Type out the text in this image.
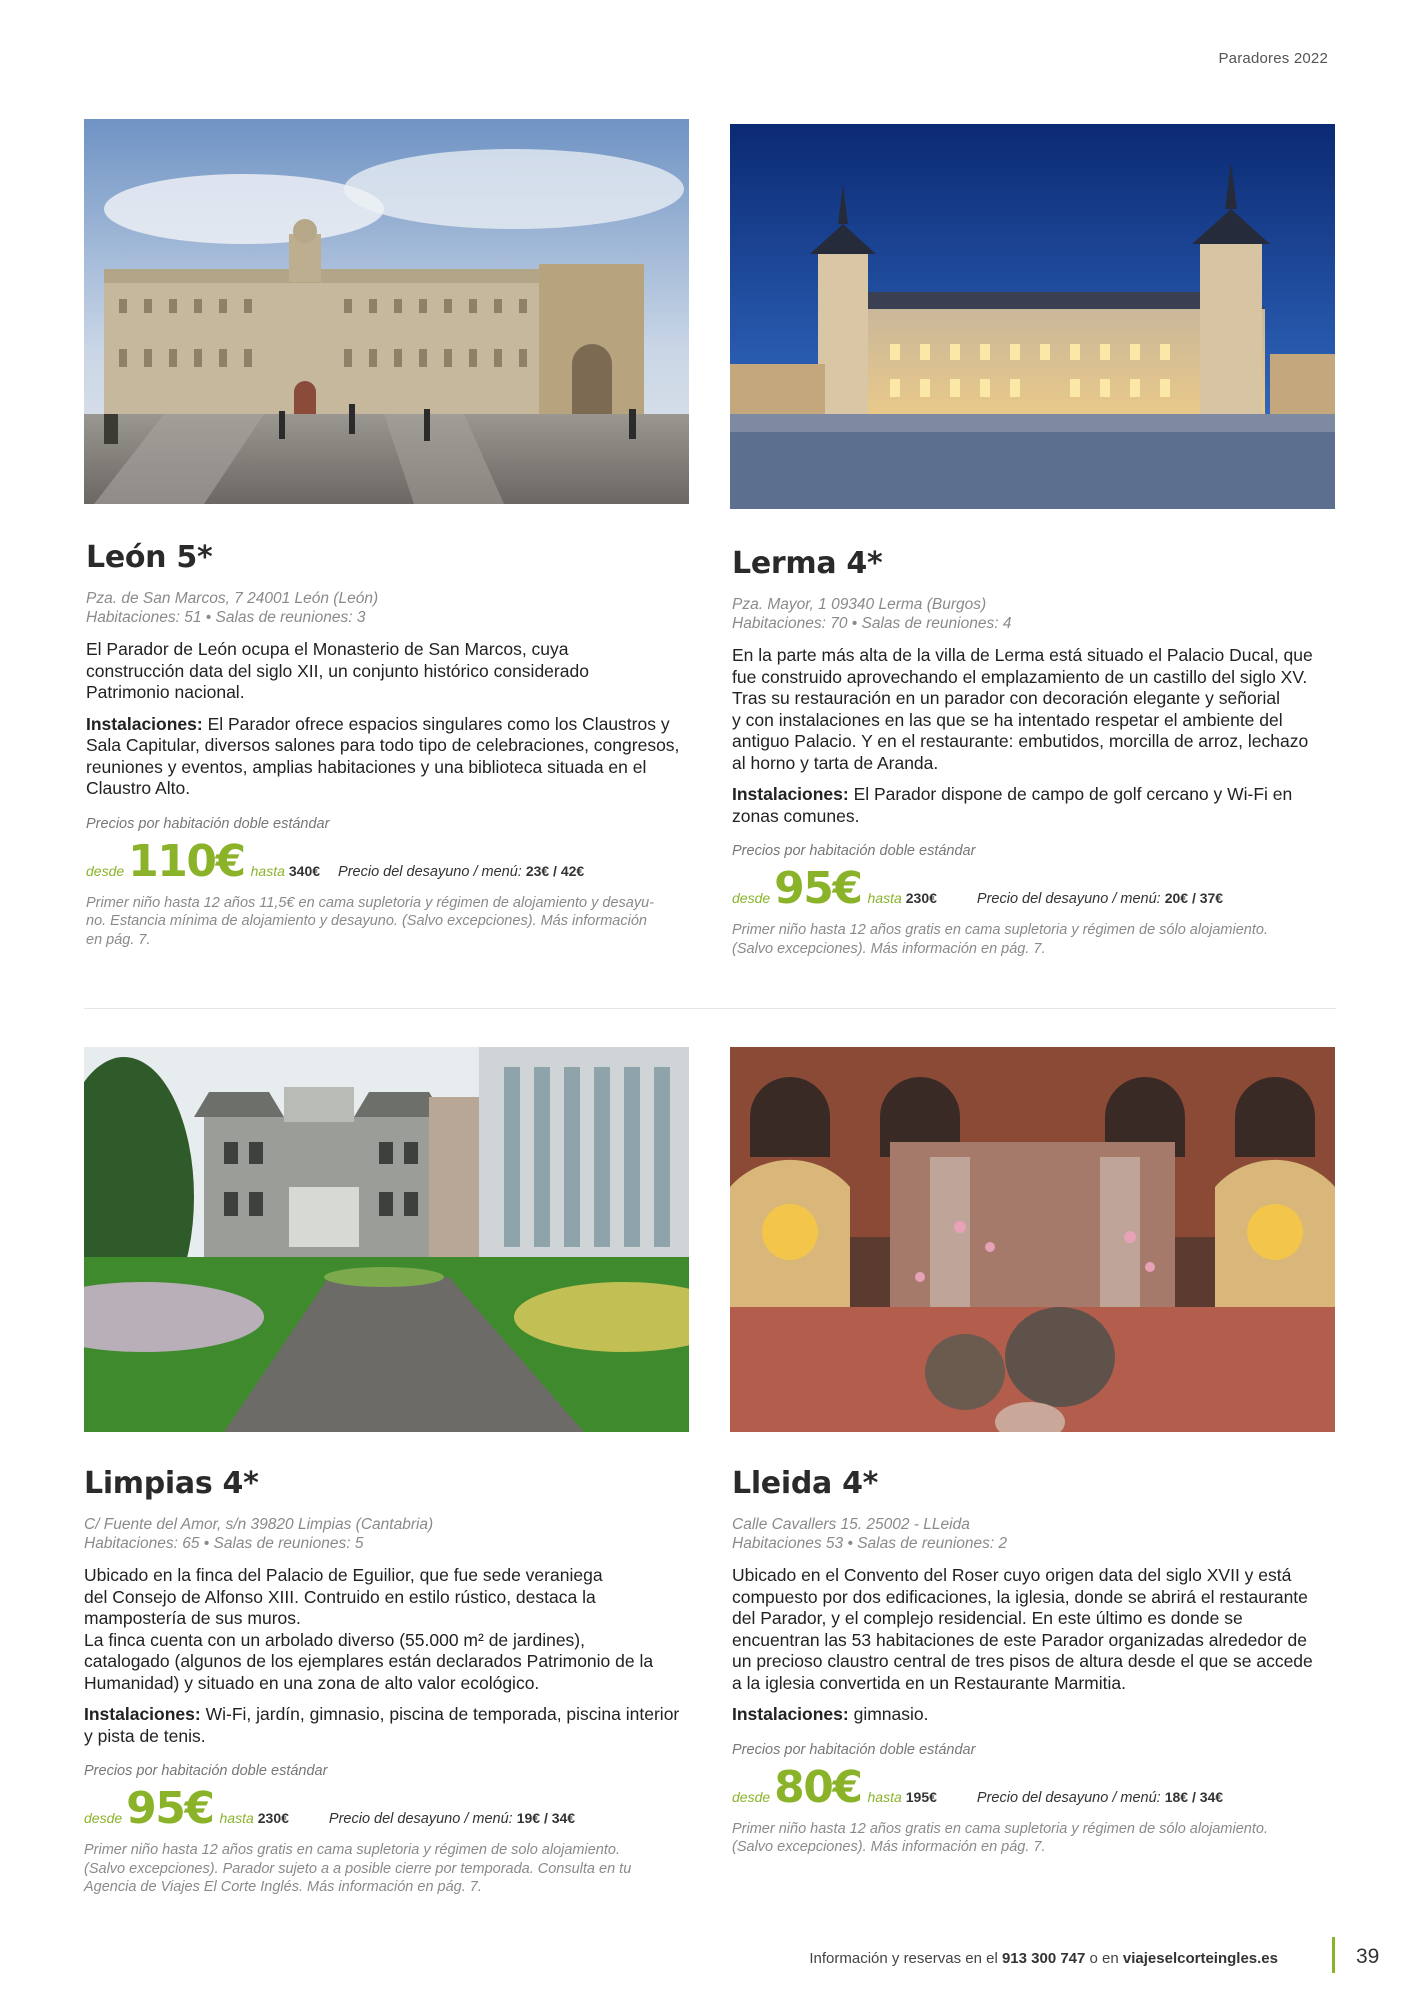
Paradores 2022
León 5*
Pza. de San Marcos, 7 24001 León (León)
Habitaciones: 51 • Salas de reuniones: 3
El Parador de León ocupa el Monasterio de San Marcos, cuya
construcción data del siglo XII, un conjunto histórico considerado
Patrimonio nacional.
Instalaciones: El Parador ofrece espacios singulares como los Claustros y Sala Capitular, diversos salones para todo tipo de celebraciones, congresos, reuniones y eventos, amplias habitaciones y una biblioteca situada en el Claustro Alto.
Precios por habitación doble estándar
desde 110€ hasta 340€ Precio del desayuno / menú: 23€ / 42€
Primer niño hasta 12 años 11,5€ en cama supletoria y régimen de alojamiento y desayu-
no. Estancia mínima de alojamiento y desayuno. (Salvo excepciones). Más información
en pág. 7.
Lerma 4*
Pza. Mayor, 1 09340 Lerma (Burgos)
Habitaciones: 70 • Salas de reuniones: 4
En la parte más alta de la villa de Lerma está situado el Palacio Ducal, que
fue construido aprovechando el emplazamiento de un castillo del siglo XV.
Tras su restauración en un parador con decoración elegante y señorial
y con instalaciones en las que se ha intentado respetar el ambiente del
antiguo Palacio. Y en el restaurante: embutidos, morcilla de arroz, lechazo
al horno y tarta de Aranda.
Instalaciones: El Parador dispone de campo de golf cercano y Wi-Fi en zonas comunes.
Precios por habitación doble estándar
desde 95€ hasta 230€	Precio del desayuno / menú: 20€ / 37€
Primer niño hasta 12 años gratis en cama supletoria y régimen de sólo alojamiento.
(Salvo excepciones). Más información en pág. 7.
Limpias 4*
C/ Fuente del Amor, s/n 39820 Limpias (Cantabria)
Habitaciones: 65 • Salas de reuniones: 5
Ubicado en la finca del Palacio de Eguilior, que fue sede veraniega
del Consejo de Alfonso XIII. Contruido en estilo rústico, destaca la
mampostería de sus muros.
La finca cuenta con un arbolado diverso (55.000 m² de jardines),
catalogado (algunos de los ejemplares están declarados Patrimonio de la
Humanidad) y situado en una zona de alto valor ecológico.
Instalaciones: Wi-Fi, jardín, gimnasio, piscina de temporada, piscina interior y pista de tenis.
Precios por habitación doble estándar
desde 95€ hasta 230€	Precio del desayuno / menú: 19€ / 34€
Primer niño hasta 12 años gratis en cama supletoria y régimen de solo alojamiento.
(Salvo excepciones). Parador sujeto a a posible cierre por temporada. Consulta en tu
Agencia de Viajes El Corte Inglés. Más información en pág. 7.
Lleida 4*
Calle Cavallers 15. 25002 - LLeida
Habitaciones 53 • Salas de reuniones: 2
Ubicado en el Convento del Roser cuyo origen data del siglo XVII y está
compuesto por dos edificaciones, la iglesia, donde se abrirá el restaurante
del Parador, y el complejo residencial. En este último es donde se
encuentran las 53 habitaciones de este Parador organizadas alrededor de
un precioso claustro central de tres pisos de altura desde el que se accede
a la iglesia convertida en un Restaurante Marmitia.
Instalaciones: gimnasio.
Precios por habitación doble estándar
desde 80€ hasta 195€	Precio del desayuno / menú: 18€ / 34€
Primer niño hasta 12 años gratis en cama supletoria y régimen de sólo alojamiento.
(Salvo excepciones). Más información en pág. 7.
Información y reservas en el 913 300 747 o en viajeselcorteingles.es	39
